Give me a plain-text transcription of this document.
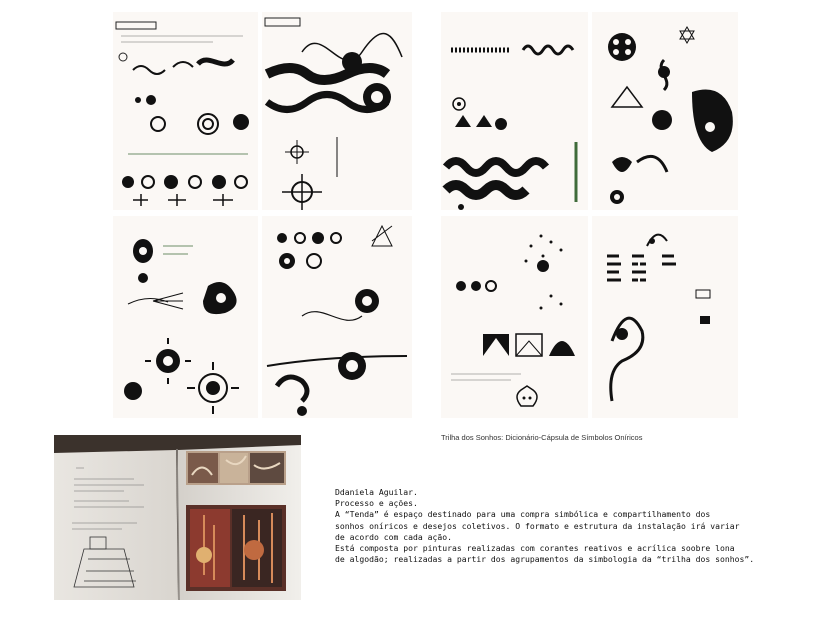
Trilha dos Sonhos: Dicionário-Cápsula de Símbolos Oníricos
Ddaniela Aguilar.
Processo e ações.
A “Tenda” é espaço destinado para uma compra simbólica e compartilhamento dos
sonhos oníricos e desejos coletivos. O formato e estrutura da instalação irá variar
de acordo com cada ação.
Está composta por pinturas realizadas com corantes reativos e acrílica soobre lona
de algodão; realizadas a partir dos agrupamentos da simbologia da “trilha dos sonhos”.
